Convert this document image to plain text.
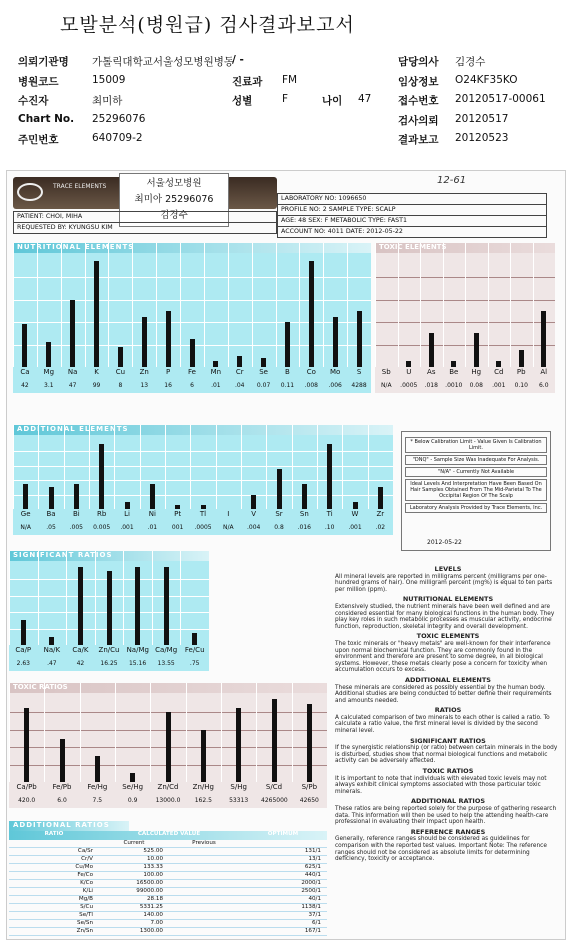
모발분석(병원급) 검사결과보고서
의뢰기관명 가톨릭대학교서울성모병원병동
/ -	담당의사 김경수
병원코드	15009	진료과 FM	임상정보 O24KF35KO
수진자	최미하	성별	F	나이 47	접수번호 20120517-00061
Chart No. 25296076	검사의뢰 20120517
주민번호	640709-2	결과보고 20120523
TRACE ELEMENTS	서울성모병원
최미아 25296076
김경수
12-61
PATIENT: CHOI, MIHA
REQUESTED BY: KYUNGSU KIM
LABORATORY NO: 1096650
PROFILE NO: 2 SAMPLE TYPE: SCALP
AGE: 48 SEX: F METABOLIC TYPE: FAST1
ACCOUNT NO: 4011 DATE: 2012-05-22
NUTRITIONAL ELEMENTS
Ca
42
Mg
3.1
Na
47
K
99
Cu
8
Zn
13
P
16
Fe
6
Mn
.01
Cr
.04
Se
0.07
B
0.11
Co
.008
Mo
.006
S
4288
TOXIC ELEMENTS
Sb
N/A
U
.0005
As
.018
Be
.0010
Hg
0.08
Cd
.001
Pb
0.10
Al
6.0
ADDITIONAL ELEMENTS
Ge
N/A
Ba
.05
Bi
.005
Rb
0.005
Li
.001
Ni
.01
Pt
001
Tl
.0005
I
N/A
V
.004
Sr
0.8
Sn
.016
Ti
.10
W
.001
Zr
.02
* Below Calibration Limit - Value Given Is Calibration Limit.
"DNQ" - Sample Size Was Inadequate For Analysis.
"N/A" - Currently Not Available
Ideal Levels And Interpretation Have Been Based On Hair Samples Obtained From The Mid-Parietal To The Occipital Region Of The Scalp
Laboratory Analysis Provided by Trace Elements, Inc.
2012-05-22
SIGNIFICANT RATIOS
Ca/P
2.63
Na/K
.47
Ca/K
42
Zn/Cu
16.25
Na/Mg
15.16
Ca/Mg
13.55
Fe/Cu
.75
TOXIC RATIOS
Ca/Pb
420.0
Fe/Pb
6.0
Fe/Hg
7.5
Se/Hg
0.9
Zn/Cd
13000.0
Zn/Hg
162.5
S/Hg
53313
S/Cd
4265000
S/Pb
42650
ADDITIONAL RATIOS
RATIO	CALCULATED VALUE	OPTIMUM
Current	Previous
Ca/Sr	525.00	131/1
Cr/V	10.00	13/1
Cu/Mo	133.33	625/1
Fe/Co	100.00	440/1
K/Co	16500.00	2000/1
K/Li	99000.00	2500/1
Mg/B	28.18	40/1
S/Cu	5331.25	1138/1
Se/Tl	140.00	37/1
Se/Sn	7.00	6/1
Zn/Sn	1300.00	167/1
LEVELS

All mineral levels are reported in milligrams percent (milligrams per one-hundred grams of hair). One milligram percent (mg%) is equal to ten parts per million (ppm).

NUTRITIONAL ELEMENTS

Extensively studied, the nutrient minerals have been well defined and are considered essential for many biological functions in the human body. They play key roles in such metabolic processes as muscular activity, endocrine function, reproduction, skeletal integrity and overall development.

TOXIC ELEMENTS

The toxic minerals or "heavy metals" are well-known for their interference upon normal biochemical function. They are commonly found in the environment and therefore are present to some degree, in all biological systems. However, these metals clearly pose a concern for toxicity when accumulation occurs to excess.

ADDITIONAL ELEMENTS

These minerals are considered as possibly essential by the human body. Additional studies are being conducted to better define their requirements and amounts needed.

RATIOS

A calculated comparison of two minerals to each other is called a ratio. To calculate a ratio value, the first mineral level is divided by the second mineral level.

SIGNIFICANT RATIOS

If the synergistic relationship (or ratio) between certain minerals in the body is disturbed, studies show that normal biological functions and metabolic activity can be adversely affected.

TOXIC RATIOS

It is important to note that individuals with elevated toxic levels may not always exhibit clinical symptoms associated with those particular toxic minerals.

ADDITIONAL RATIOS

These ratios are being reported solely for the purpose of gathering research data. This information will then be used to help the attending health-care professional in evaluating their impact upon health.

REFERENCE RANGES

Generally, reference ranges should be considered as guidelines for comparison with the reported test values. Important Note: The reference ranges should not be considered as absolute limits for determining deficiency, toxicity or acceptance.
